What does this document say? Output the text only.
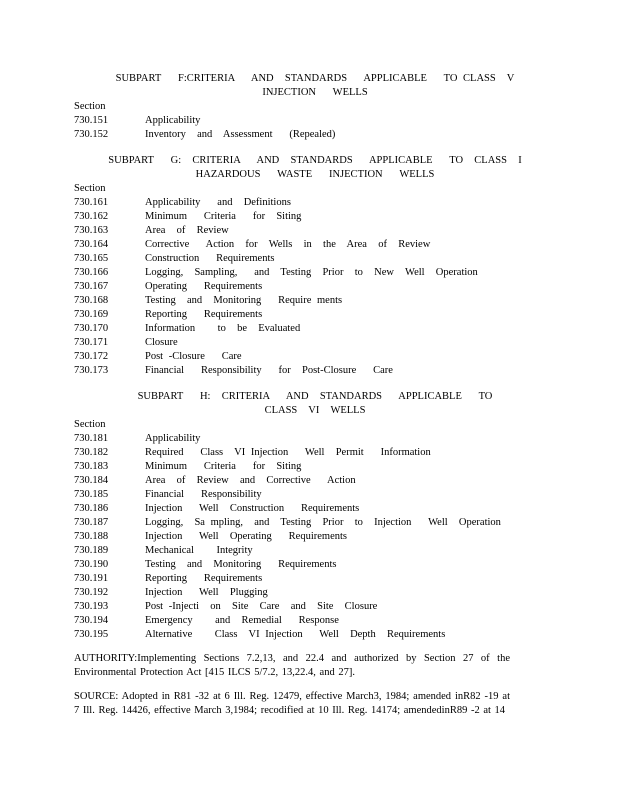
SUBPART   F:CRITERIA   AND  STANDARDS   APPLICABLE   TO CLASS  V
INJECTION   WELLS
Section
730.151	Applicability
730.152	Inventory  and  Assessment   (Repealed)
SUBPART   G:  CRITERIA   AND  STANDARDS   APPLICABLE   TO  CLASS  I
HAZARDOUS   WASTE   INJECTION   WELLS
Section
730.161	Applicability   and  Definitions
730.162	Minimum   Criteria   for  Siting
730.163	Area  of  Review
730.164	Corrective   Action  for  Wells  in  the  Area  of  Review
730.165	Construction   Requirements
730.166	Logging,  Sampling,   and  Testing  Prior  to  New  Well  Operation
730.167	Operating   Requirements
730.168	Testing  and  Monitoring   Require ments
730.169	Reporting   Requirements
730.170	Information    to  be  Evaluated
730.171	Closure
730.172	Post -Closure   Care
730.173	Financial   Responsibility   for  Post-Closure   Care
SUBPART   H:  CRITERIA   AND  STANDARDS   APPLICABLE   TO
CLASS  VI  WELLS
Section
730.181	Applicability
730.182	Required   Class  VI Injection   Well  Permit   Information
730.183	Minimum   Criteria   for  Siting
730.184	Area  of  Review  and  Corrective   Action
730.185	Financial   Responsibility
730.186	Injection   Well  Construction   Requirements
730.187	Logging,  Sa mpling,  and  Testing  Prior  to  Injection   Well  Operation
730.188	Injection   Well  Operating   Requirements
730.189	Mechanical    Integrity
730.190	Testing  and  Monitoring   Requirements
730.191	Reporting   Requirements
730.192	Injection   Well  Plugging
730.193	Post -Injecti  on  Site  Care  and  Site  Closure
730.194	Emergency    and  Remedial   Response
730.195	Alternative    Class  VI Injection   Well  Depth  Requirements
AUTHORITY:Implementing Sections 7.2,13, and 22.4 and authorized by Section 27 of the Environmental Protection Act [415 ILCS 5/7.2, 13,22.4, and 27].
SOURCE: Adopted in R81 -32 at 6 Ill. Reg. 12479, effective March3, 1984; amended inR82 -19 at 7 Ill. Reg. 14426, effective March 3,1984; recodified at 10 Ill. Reg. 14174; amendedinR89 -2 at 14
